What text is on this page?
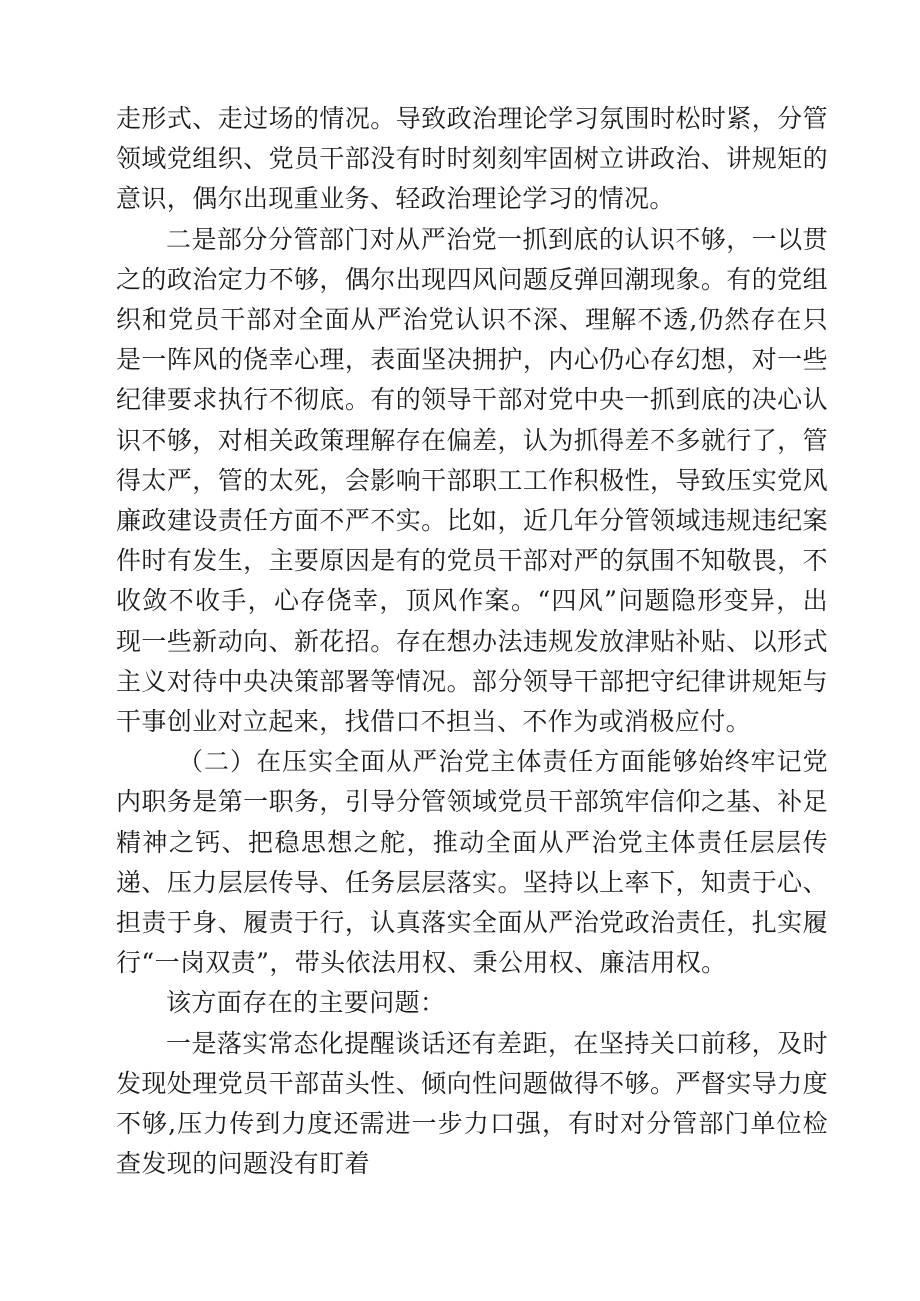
走形式、走过场的情况。导致政治理论学习氛围时松时紧，分管领域党组织、党员干部没有时时刻刻牢固树立讲政治、讲规矩的意识，偶尔出现重业务、轻政治理论学习的情况。

二是部分分管部门对从严治党一抓到底的认识不够，一以贯之的政治定力不够，偶尔出现四风问题反弹回潮现象。有的党组织和党员干部对全面从严治党认识不深、理解不透,仍然存在只是一阵风的侥幸心理，表面坚决拥护，内心仍心存幻想，对一些纪律要求执行不彻底。有的领导干部对党中央一抓到底的决心认识不够，对相关政策理解存在偏差，认为抓得差不多就行了，管得太严，管的太死，会影响干部职工工作积极性，导致压实党风廉政建设责任方面不严不实。比如，近几年分管领域违规违纪案件时有发生，主要原因是有的党员干部对严的氛围不知敬畏，不收敛不收手，心存侥幸，顶风作案。“四风”问题隐形变异，出现一些新动向、新花招。存在想办法违规发放津贴补贴、以形式主义对待中央决策部署等情况。部分领导干部把守纪律讲规矩与干事创业对立起来，找借口不担当、不作为或消极应付。

（二）在压实全面从严治党主体责任方面能够始终牢记党内职务是第一职务，引导分管领域党员干部筑牢信仰之基、补足精神之钙、把稳思想之舵，推动全面从严治党主体责任层层传递、压力层层传导、任务层层落实。坚持以上率下，知责于心、担责于身、履责于行，认真落实全面从严治党政治责任，扎实履行“一岗双责”，带头依法用权、秉公用权、廉洁用权。

该方面存在的主要问题：

一是落实常态化提醒谈话还有差距，在坚持关口前移，及时发现处理党员干部苗头性、倾向性问题做得不够。严督实导力度不够,压力传到力度还需进一步力口强，有时对分管部门单位检查发现的问题没有盯着
